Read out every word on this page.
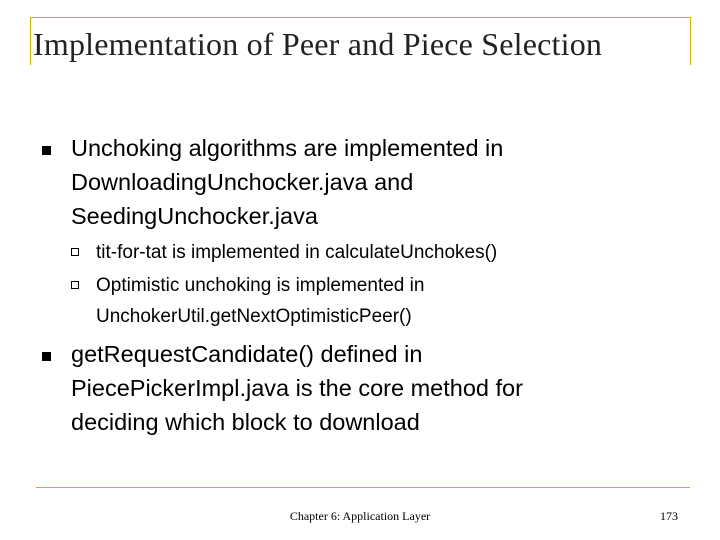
Implementation of Peer and Piece Selection
Unchoking algorithms are implemented in
DownloadingUnchocker.java and
SeedingUnchocker.java
tit-for-tat is implemented in calculateUnchokes()
Optimistic unchoking is implemented in
UnchokerUtil.getNextOptimisticPeer()
getRequestCandidate() defined in
PiecePickerImpl.java is the core method for
deciding which block to download
Chapter 6: Application Layer	173
